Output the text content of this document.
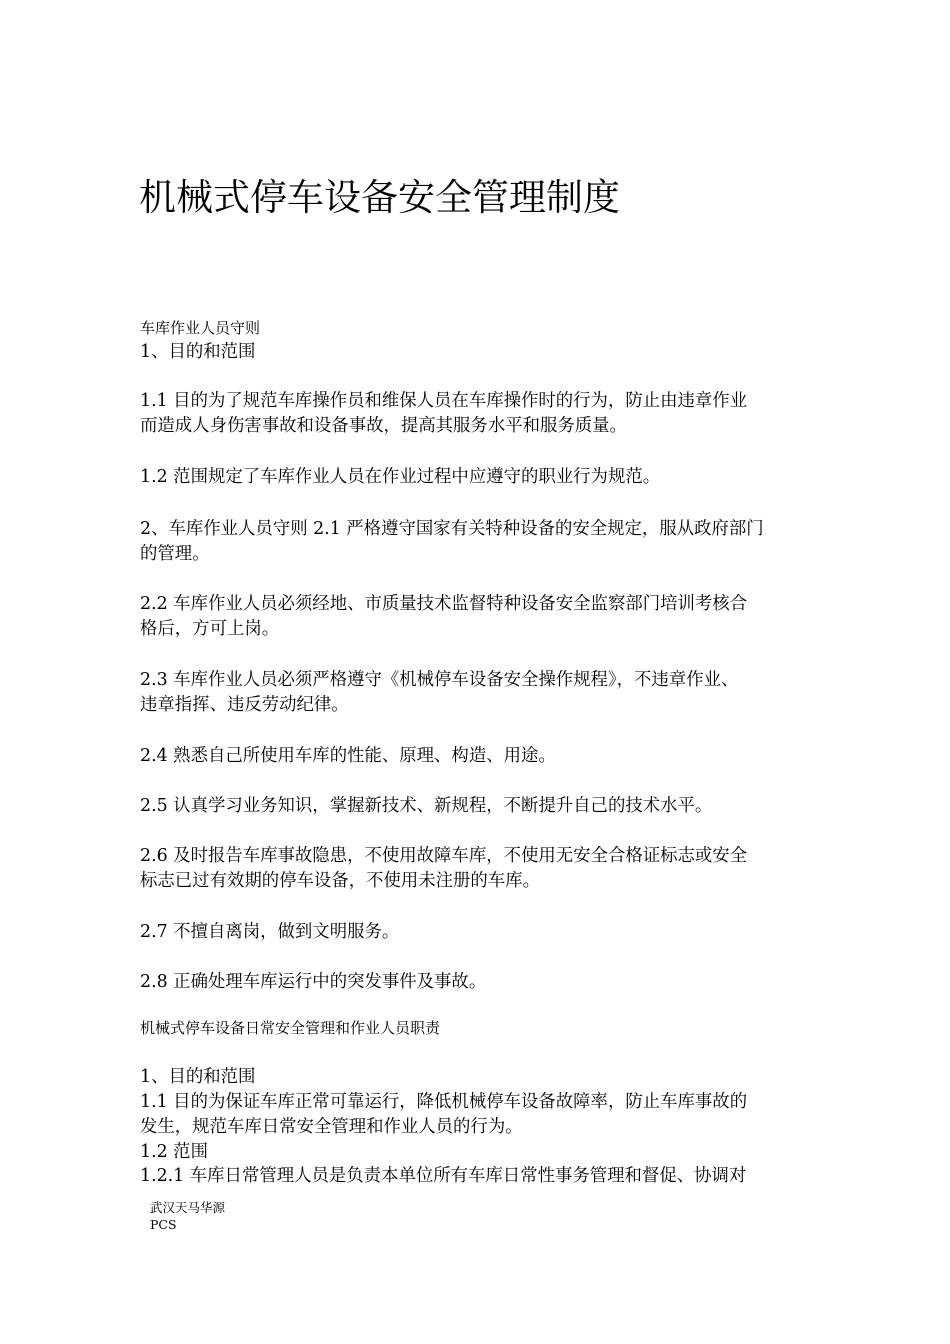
机械式停车设备安全管理制度

车库作业人员守则

1、目的和范围

1.1 目的为了规范车库操作员和维保人员在车库操作时的行为，防止由违章作业

而造成人身伤害事故和设备事故，提高其服务水平和服务质量。

1.2 范围规定了车库作业人员在作业过程中应遵守的职业行为规范。

2、车库作业人员守则 2.1 严格遵守国家有关特种设备的安全规定，服从政府部门

的管理。

2.2 车库作业人员必须经地、市质量技术监督特种设备安全监察部门培训考核合

格后，方可上岗。

2.3 车库作业人员必须严格遵守《机械停车设备安全操作规程》，不违章作业、

违章指挥、违反劳动纪律。

2.4 熟悉自己所使用车库的性能、原理、构造、用途。

2.5 认真学习业务知识，掌握新技术、新规程，不断提升自己的技术水平。

2.6 及时报告车库事故隐患，不使用故障车库，不使用无安全合格证标志或安全

标志已过有效期的停车设备，不使用未注册的车库。

2.7 不擅自离岗，做到文明服务。

2.8 正确处理车库运行中的突发事件及事故。

机械式停车设备日常安全管理和作业人员职责

1、目的和范围

1.1 目的为保证车库正常可靠运行，降低机械停车设备故障率，防止车库事故的

发生，规范车库日常安全管理和作业人员的行为。

1.2 范围

1.2.1 车库日常管理人员是负责本单位所有车库日常性事务管理和督促、协调对

武汉天马华源

PCS
